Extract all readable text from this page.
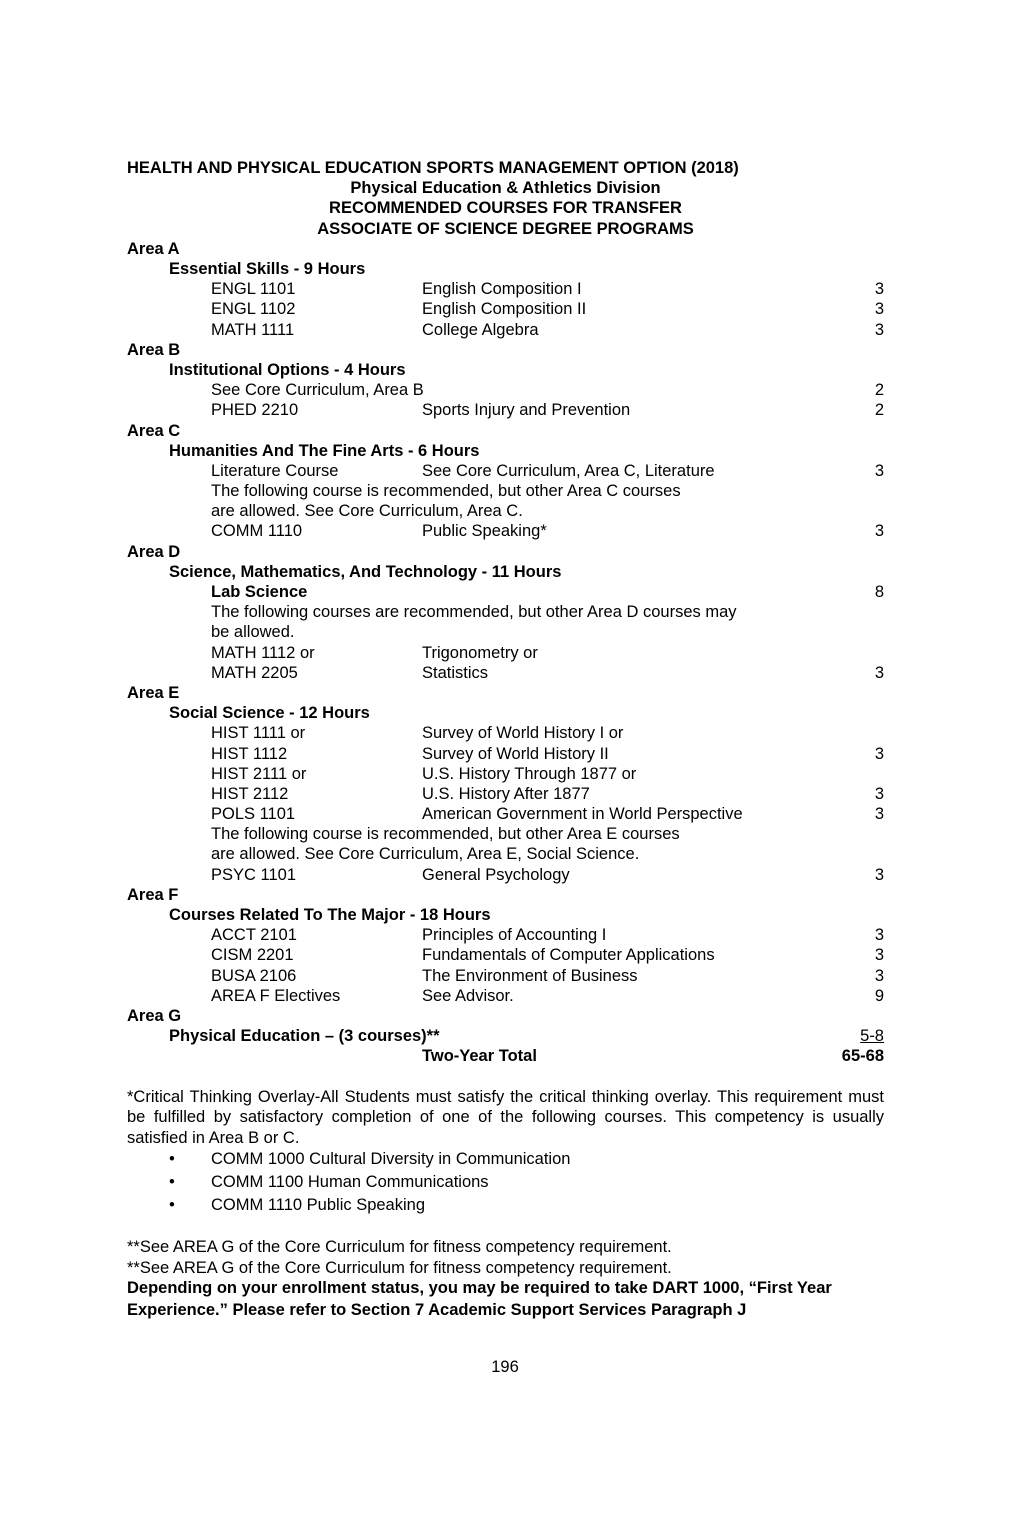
HEALTH AND PHYSICAL EDUCATION SPORTS MANAGEMENT OPTION (2018)
Physical Education & Athletics Division
RECOMMENDED COURSES FOR TRANSFER
ASSOCIATE OF SCIENCE DEGREE PROGRAMS
Area A
Essential Skills - 9 Hours
ENGL 1101	English Composition I	3
ENGL 1102	English Composition II	3
MATH 1111	College Algebra	3
Area B
Institutional Options - 4 Hours
See Core Curriculum, Area B	2
PHED 2210	Sports Injury and Prevention	2
Area C
Humanities And The Fine Arts - 6 Hours
Literature Course	See Core Curriculum, Area C, Literature	3
The following course is recommended, but other Area C courses
are allowed. See Core Curriculum, Area C.
COMM 1110	Public Speaking*	3
Area D
Science, Mathematics, And Technology - 11 Hours
Lab Science	8
The following courses are recommended, but other Area D courses may
be allowed.
MATH 1112 or	Trigonometry or
MATH 2205	Statistics	3
Area E
Social Science - 12 Hours
HIST 1111 or	Survey of World History I or
HIST 1112	Survey of World History II	3
HIST 2111 or	U.S. History Through 1877 or
HIST 2112	U.S. History After 1877	3
POLS 1101	American Government in World Perspective	3
The following course is recommended, but other Area E courses
are allowed. See Core Curriculum, Area E, Social Science.
PSYC 1101	General Psychology	3
Area F
Courses Related To The Major - 18 Hours
ACCT 2101	Principles of Accounting I	3
CISM 2201	Fundamentals of Computer Applications	3
BUSA 2106	The Environment of Business	3
AREA F Electives	See Advisor.	9
Area G
Physical Education – (3 courses)**	5-8
Two-Year Total	65-68
*Critical Thinking Overlay-All Students must satisfy the critical thinking overlay. This requirement must be fulfilled by satisfactory completion of one of the following courses. This competency is usually satisfied in Area B or C.
• COMM 1000 Cultural Diversity in Communication
• COMM 1100 Human Communications
• COMM 1110 Public Speaking
**See AREA G of the Core Curriculum for fitness competency requirement.
**See AREA G of the Core Curriculum for fitness competency requirement.
Depending on your enrollment status, you may be required to take DART 1000, “First Year Experience.” Please refer to Section 7 Academic Support Services Paragraph J
196
